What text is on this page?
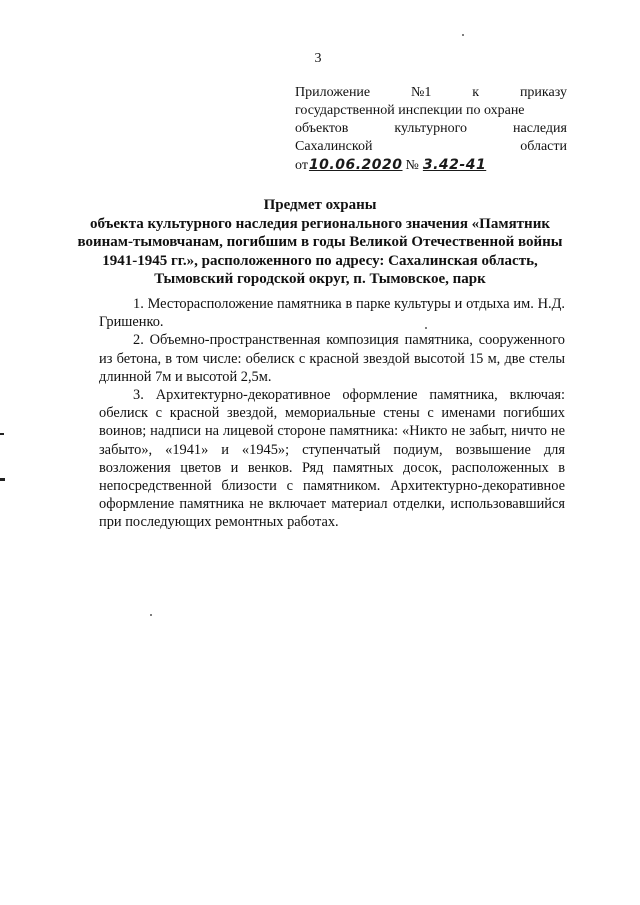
3
Приложение	№1	к	приказу
государственной инспекции по охране
объектов	культурного	наследия
Сахалинской	области
от 10.06.2020 № 3.42-41
Предмет охраны
объекта культурного наследия регионального значения «Памятник
воинам-тымовчанам, погибшим в годы Великой Отечественной войны
1941-1945 гг.», расположенного по адресу: Сахалинская область,
Тымовский городской округ, п. Тымовское, парк

1. Месторасположение памятника в парке культуры и отдыха им. Н.Д. Гришенко.

2. Объемно-пространственная композиция памятника, сооруженного из бетона, в том числе: обелиск с красной звездой высотой 15 м, две стелы длинной 7м и высотой 2,5м.

3. Архитектурно-декоративное оформление памятника, включая: обелиск с красной звездой, мемориальные стены с именами погибших воинов; надписи на лицевой стороне памятника: «Никто не забыт, ничто не забыто», «1941» и «1945»; ступенчатый подиум, возвышение для возложения цветов и венков. Ряд памятных досок, расположенных в непосредственной близости с памятником. Архитектурно-декоративное оформление памятника не включает материал отделки, использовавшийся при последующих ремонтных работах.
